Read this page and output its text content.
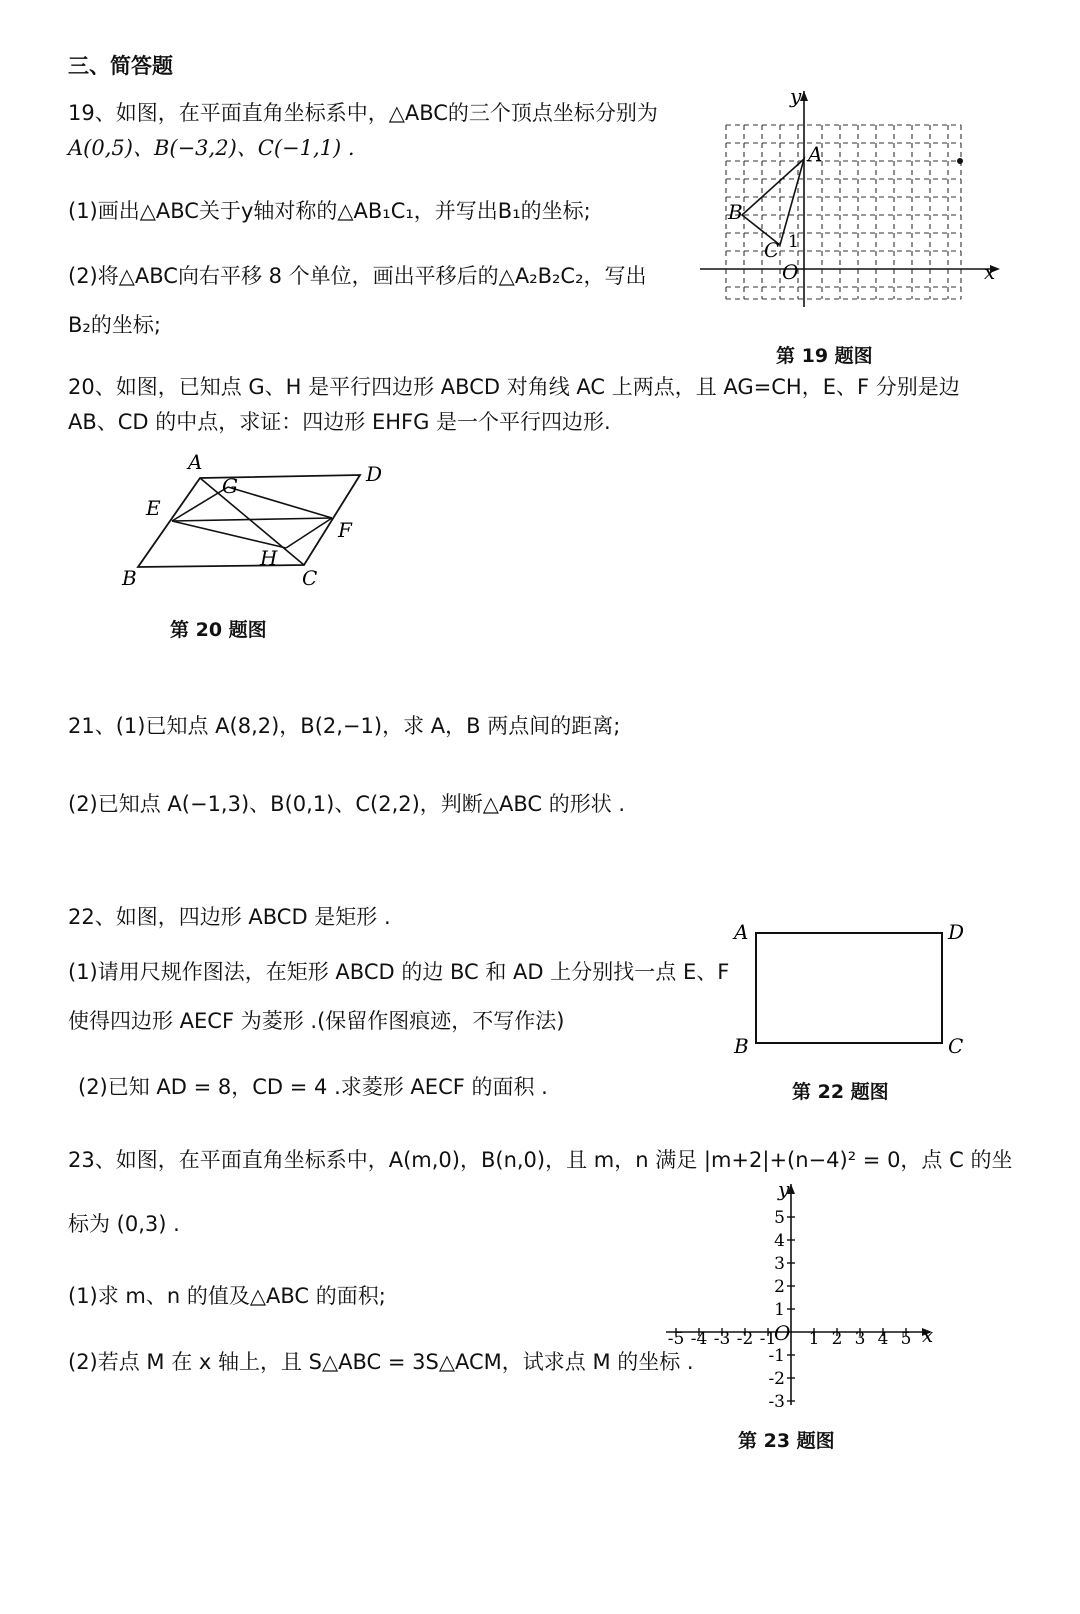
三、简答题
19、如图，在平面直角坐标系中，△ABC的三个顶点坐标分别为
A(0,5)、B(−3,2)、C(−1,1) .
(1)画出△ABC关于y轴对称的△AB₁C₁，并写出B₁的坐标;
(2)将△ABC向右平移 8 个单位，画出平移后的△A₂B₂C₂，写出
B₂的坐标;
y
x
A
B
C
O
1
第 19 题图
20、如图，已知点 G、H 是平行四边形 ABCD 对角线 AC 上两点，且 AG=CH，E、F 分别是边
AB、CD 的中点，求证：四边形 EHFG 是一个平行四边形.
A	D
G
E
F
H
B	C
第 20 题图
21、(1)已知点 A(8,2)，B(2,−1)，求 A，B 两点间的距离;
(2)已知点 A(−1,3)、B(0,1)、C(2,2)，判断△ABC 的形状 .
22、如图，四边形 ABCD 是矩形 .
(1)请用尺规作图法，在矩形 ABCD 的边 BC 和 AD 上分别找一点 E、F
使得四边形 AECF 为菱形 .(保留作图痕迹，不写作法)
(2)已知 AD = 8，CD = 4 .求菱形 AECF 的面积 .
A	D
B	C
第 22 题图
23、如图，在平面直角坐标系中，A(m,0)，B(n,0)，且 m，n 满足 |m+2|+(n−4)² = 0，点 C 的坐
标为 (0,3) .
(1)求 m、n 的值及△ABC 的面积;
(2)若点 M 在 x 轴上，且 S△ABC = 3S△ACM，试求点 M 的坐标 .
-5 -4 -3 -2 -1 1 2 3 4 5
5
4
3
2
1
-1
-2
-3
y
x
O
第 23 题图
